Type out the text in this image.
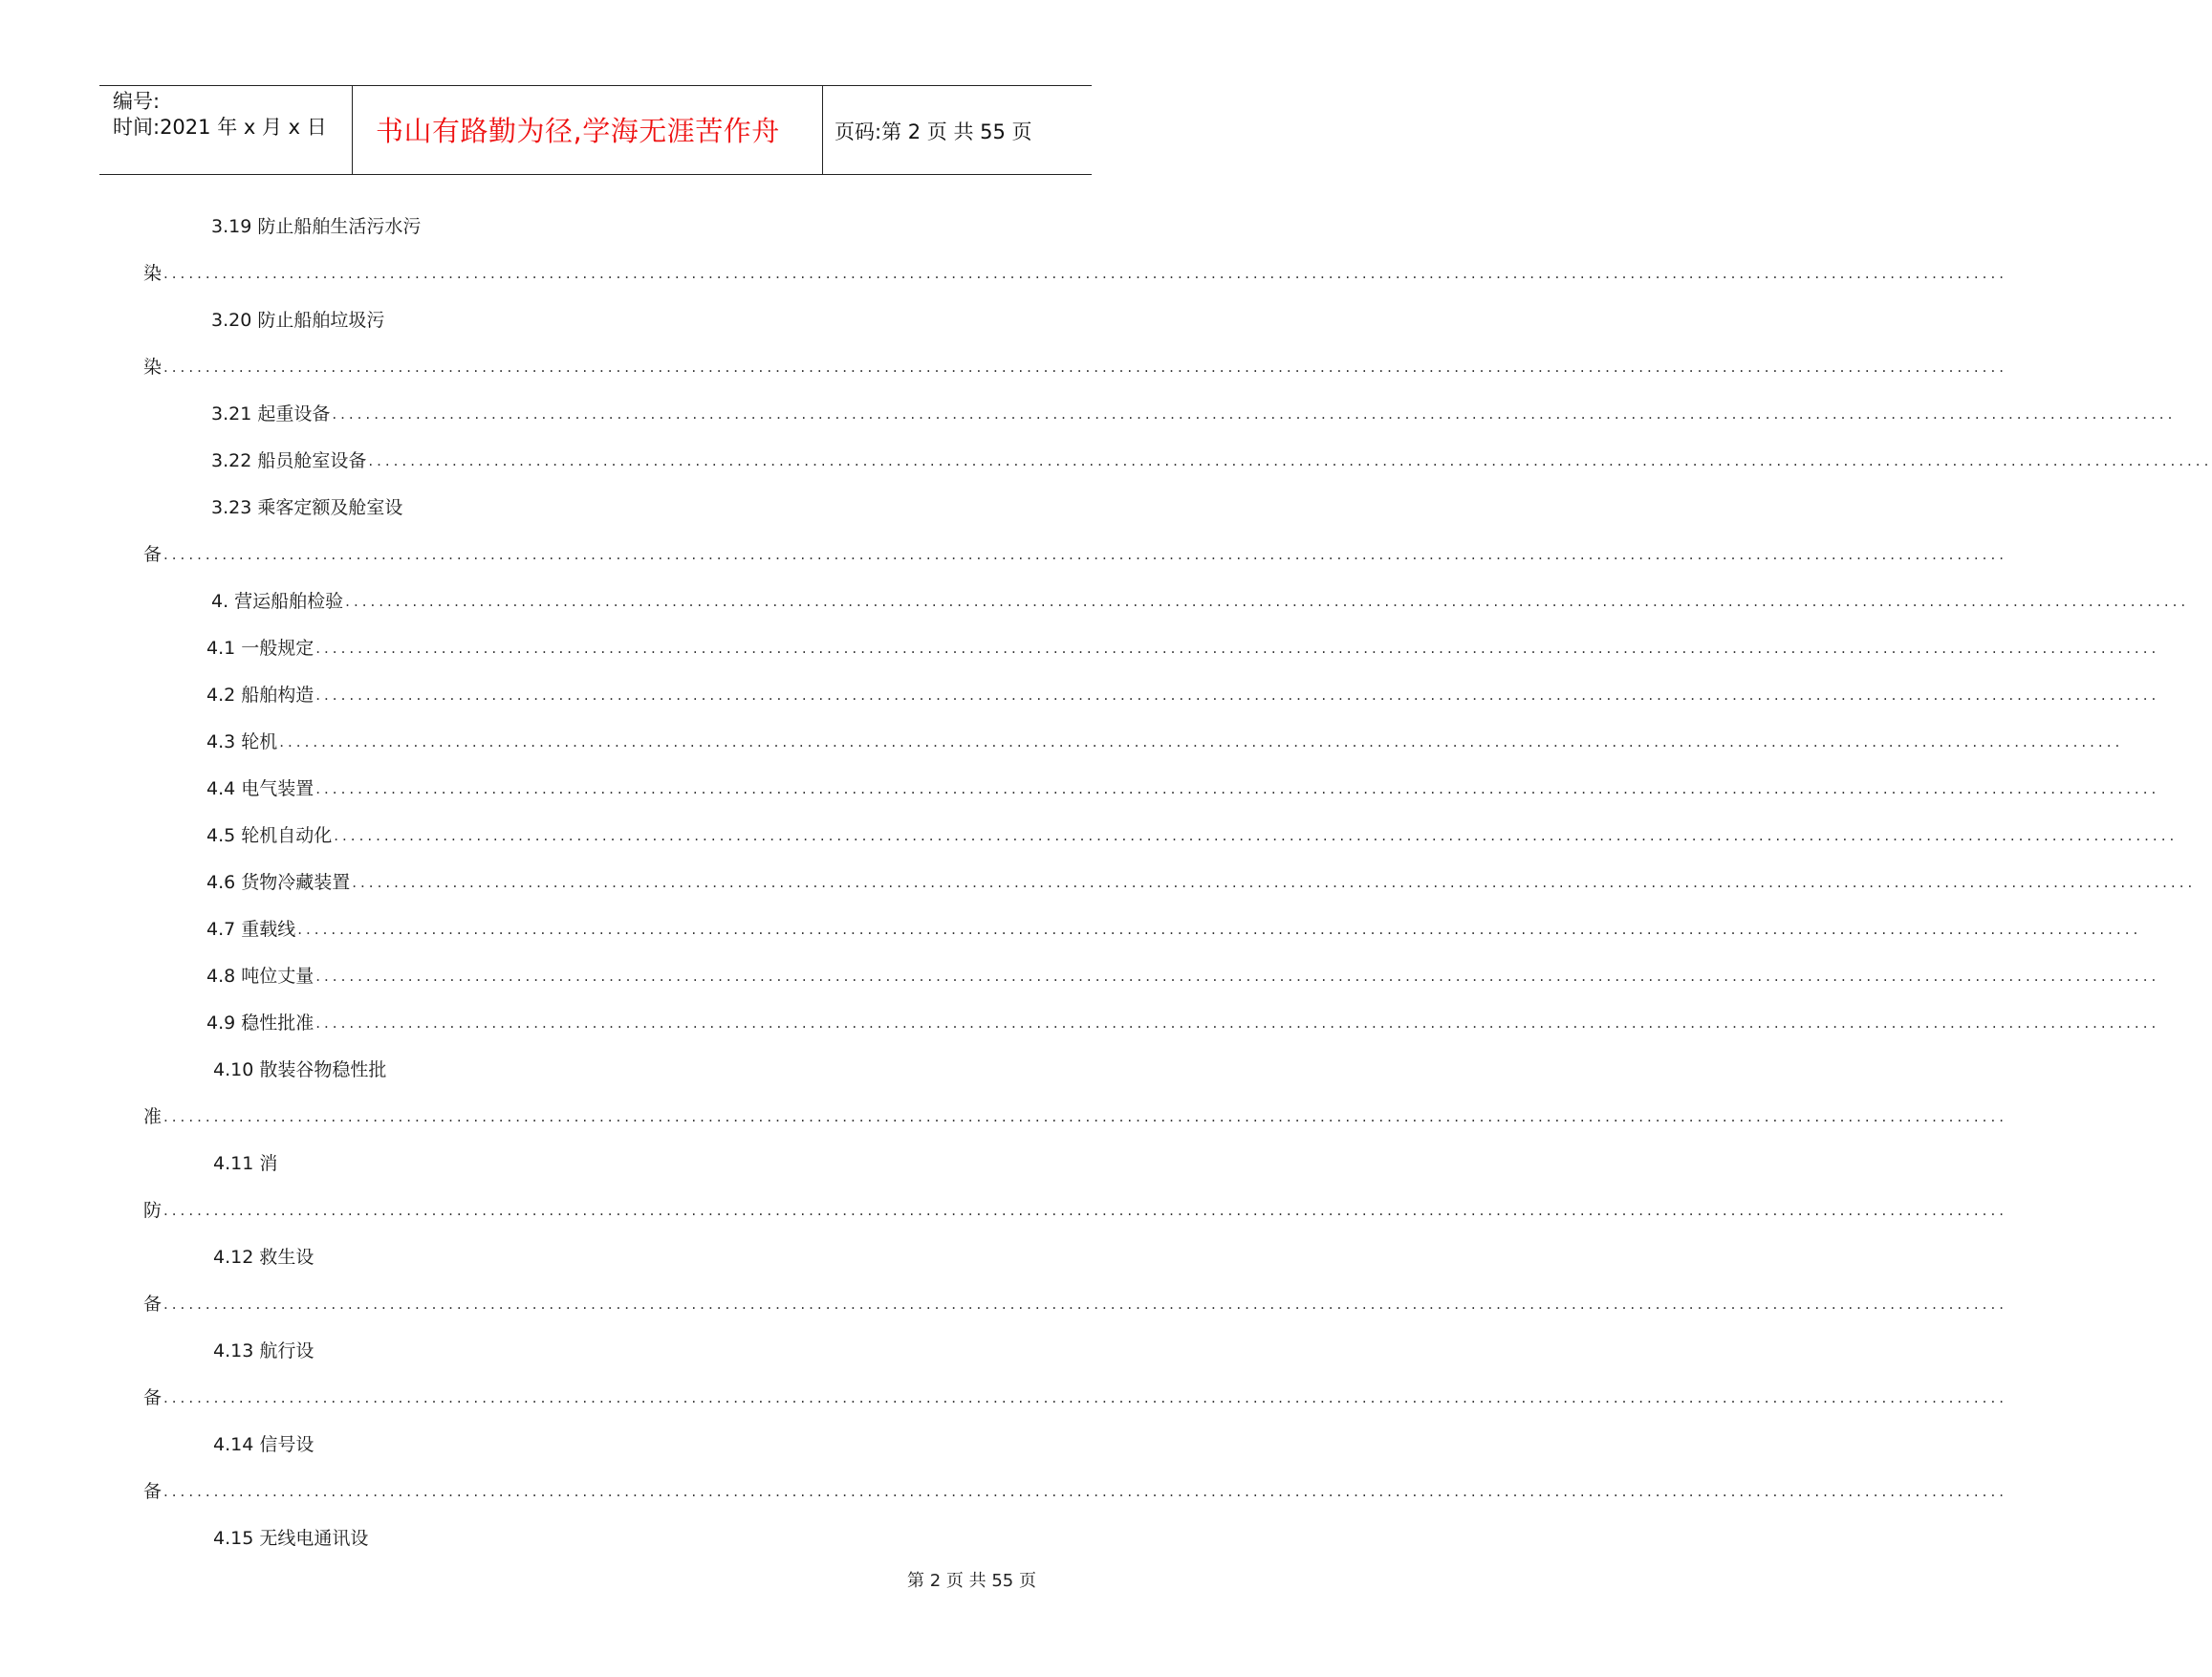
编号:
时间:2021 年 x 月 x 日 书山有路勤为径,学海无涯苦作舟	页码:第 2 页 共 55 页
3.19 防止船舶生活污水污
染 ............................................................................................................................................................................................................................
3.20 防止船舶垃圾污
染 ............................................................................................................................................................................................................................
3.21 起重设备 ............................................................................................................................................................................................................................
3.22 船员舱室设备 ............................................................................................................................................................................................................................
3.23 乘客定额及舱室设
备 ............................................................................................................................................................................................................................
4. 营运船舶检验 ............................................................................................................................................................................................................................
4.1 一般规定 ............................................................................................................................................................................................................................
4.2 船舶构造 ............................................................................................................................................................................................................................
4.3 轮机 ............................................................................................................................................................................................................................
4.4 电气装置 ............................................................................................................................................................................................................................
4.5 轮机自动化 ............................................................................................................................................................................................................................
4.6 货物冷藏装置 ............................................................................................................................................................................................................................
4.7 重载线 ............................................................................................................................................................................................................................
4.8 吨位丈量 ............................................................................................................................................................................................................................
4.9 稳性批准 ............................................................................................................................................................................................................................
4.10 散装谷物稳性批
准 ............................................................................................................................................................................................................................
4.11 消
防 ............................................................................................................................................................................................................................
4.12 救生设
备 ............................................................................................................................................................................................................................
4.13 航行设
备 ............................................................................................................................................................................................................................
4.14 信号设
备 ............................................................................................................................................................................................................................
4.15 无线电通讯设
第 2 页 共 55 页
